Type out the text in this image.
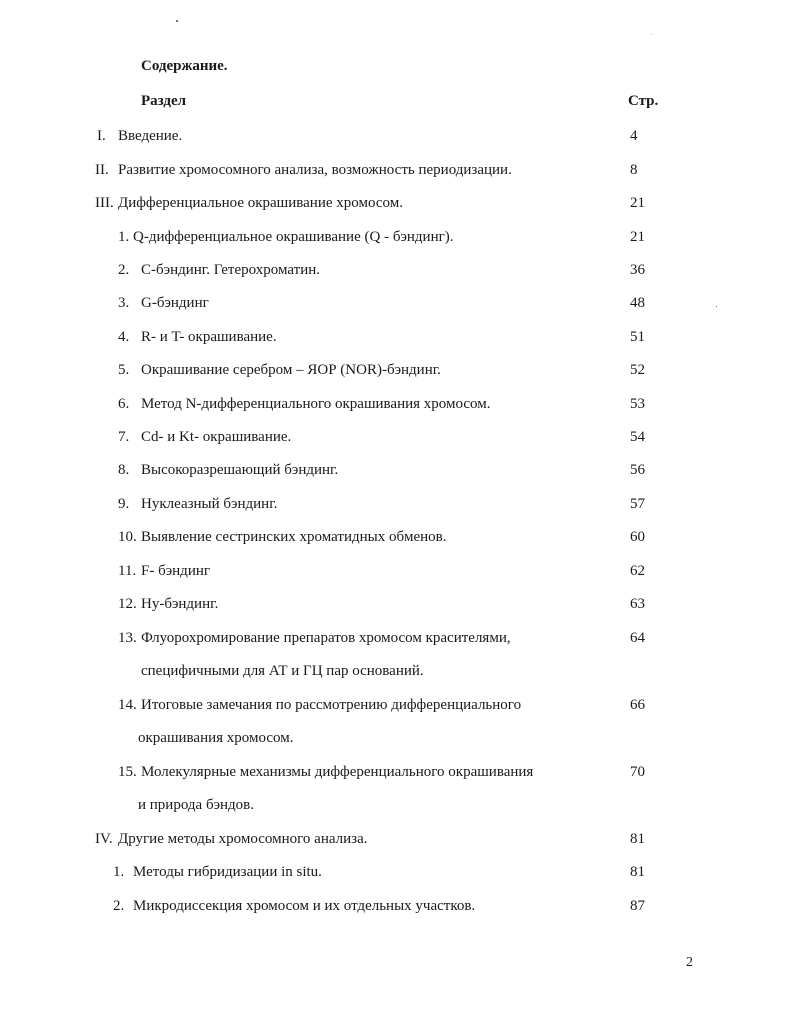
Содержание.
Раздел	Стр.
I. Введение.	4
II. Развитие хромосомного анализа, возможность периодизации.	8
III. Дифференциальное окрашивание хромосом.	21
1. Q-дифференциальное окрашивание (Q - бэндинг).	21
2. С-бэндинг. Гетерохроматин.	36
3. G-бэндинг	48
4. R- и T- окрашивание.	51
5. Окрашивание серебром – ЯОР (NOR)-бэндинг.	52
6. Метод N-дифференциального окрашивания хромосом.	53
7. Cd- и Kt- окрашивание.	54
8. Высокоразрешающий бэндинг.	56
9. Нуклеазный бэндинг.	57
10. Выявление сестринских хроматидных обменов.	60
11. F- бэндинг	62
12. Hy-бэндинг.	63
13. Флуорохромирование препаратов хромосом красителями,	64
специфичными для АТ и ГЦ пар оснований.
14. Итоговые замечания по рассмотрению дифференциального	66
окрашивания хромосом.
15. Молекулярные механизмы дифференциального окрашивания	70
и природа бэндов.
IV. Другие методы хромосомного анализа.	81
1. Методы гибридизации in situ.	81
2. Микродиссекция хромосом и их отдельных участков.	87
2
